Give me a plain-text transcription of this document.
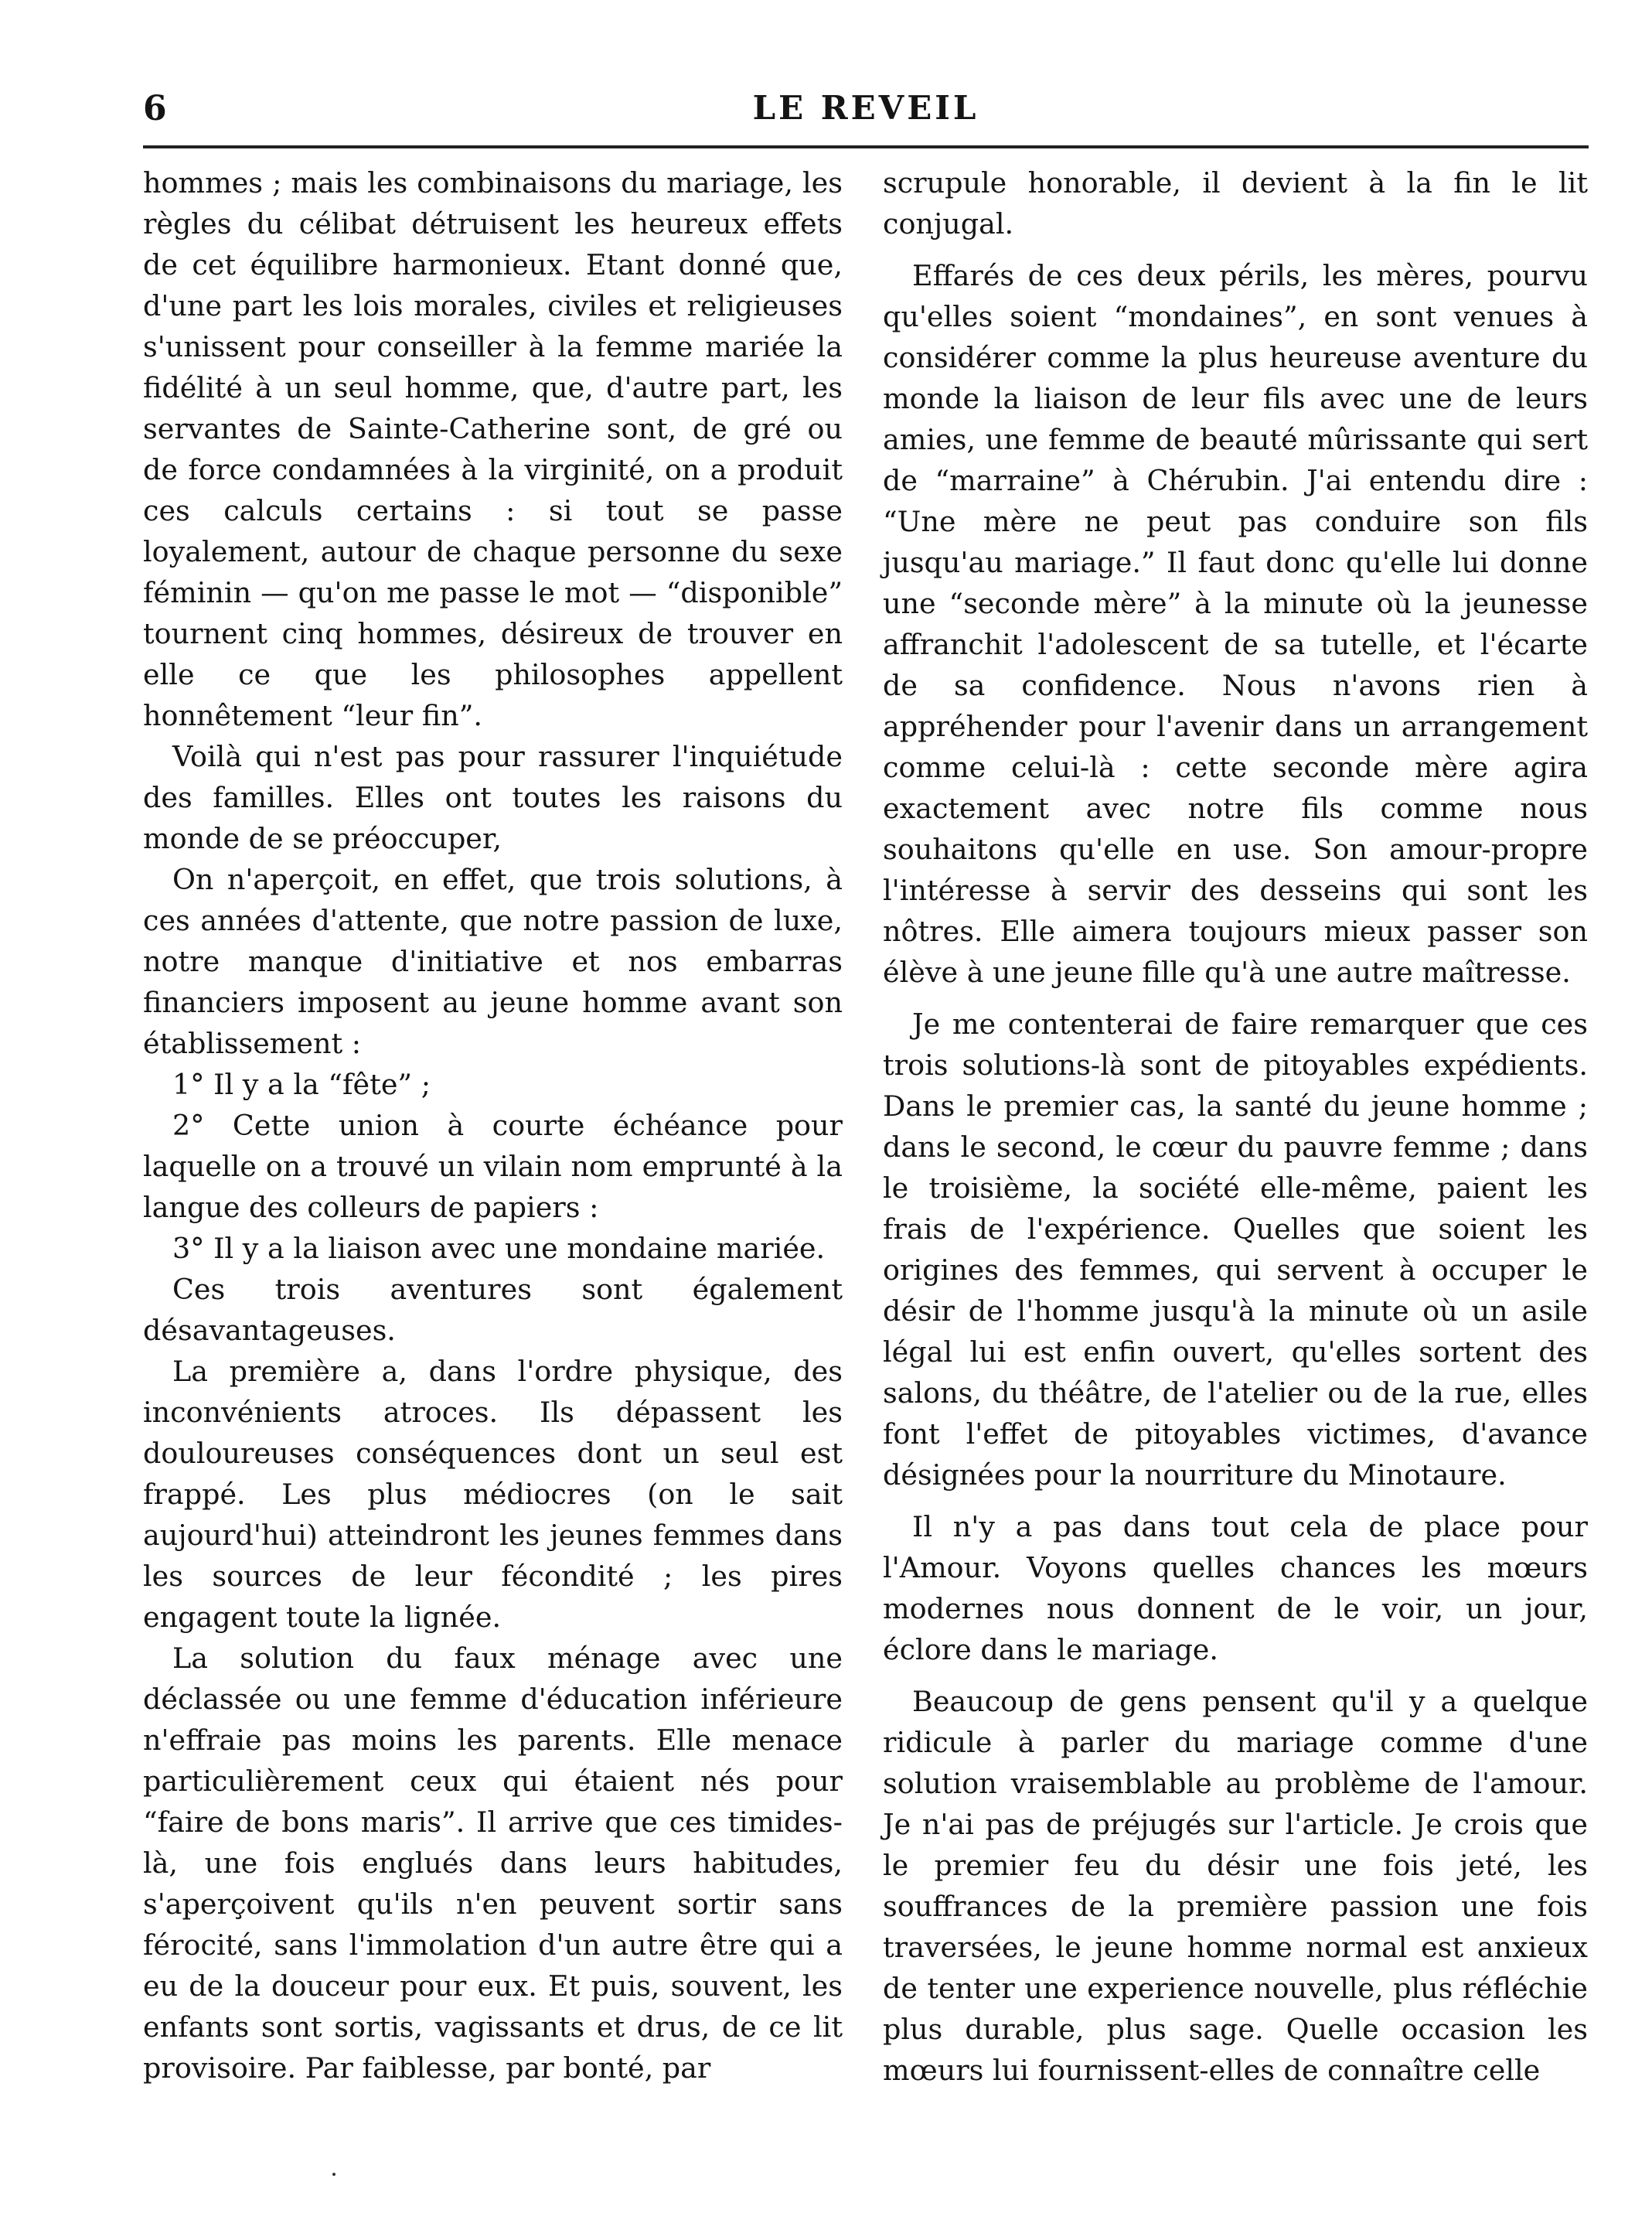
6	LE REVEIL

hommes ; mais les combinaisons du mariage, les règles du célibat détruisent les heureux effets de cet équilibre harmonieux. Etant donné que, d'une part les lois morales, civiles et religieuses s'unissent pour conseiller à la femme mariée la fidélité à un seul homme, que, d'autre part, les servantes de Sainte-Catherine sont, de gré ou de force condamnées à la virginité, on a produit ces calculs certains : si tout se passe loyalement, autour de chaque personne du sexe féminin — qu'on me passe le mot — “disponible” tournent cinq hommes, désireux de trouver en elle ce que les philosophes appellent honnêtement “leur fin”.

Voilà qui n'est pas pour rassurer l'inquiétude des familles. Elles ont toutes les raisons du monde de se préoccuper,

On n'aperçoit, en effet, que trois solutions, à ces années d'attente, que notre passion de luxe, notre manque d'initiative et nos embarras financiers imposent au jeune homme avant son établissement :

1° Il y a la “fête” ;

2° Cette union à courte échéance pour laquelle on a trouvé un vilain nom emprunté à la langue des colleurs de papiers :

3° Il y a la liaison avec une mondaine mariée.

Ces trois aventures sont également désavantageuses.

La première a, dans l'ordre physique, des inconvénients atroces. Ils dépassent les douloureuses conséquences dont un seul est frappé. Les plus médiocres (on le sait aujourd'hui) atteindront les jeunes femmes dans les sources de leur fécondité ; les pires engagent toute la lignée.

La solution du faux ménage avec une déclassée ou une femme d'éducation inférieure n'effraie pas moins les parents. Elle menace particulièrement ceux qui étaient nés pour “faire de bons maris”. Il arrive que ces timides-là, une fois englués dans leurs habitudes, s'aperçoivent qu'ils n'en peuvent sortir sans férocité, sans l'immolation d'un autre être qui a eu de la douceur pour eux. Et puis, souvent, les enfants sont sortis, vagissants et drus, de ce lit provisoire. Par faiblesse, par bonté, par

scrupule honorable, il devient à la fin le lit conjugal.

Effarés de ces deux périls, les mères, pourvu qu'elles soient “mondaines”, en sont venues à considérer comme la plus heureuse aventure du monde la liaison de leur fils avec une de leurs amies, une femme de beauté mûrissante qui sert de “marraine” à Chérubin. J'ai entendu dire : “Une mère ne peut pas conduire son fils jusqu'au mariage.” Il faut donc qu'elle lui donne une “seconde mère” à la minute où la jeunesse affranchit l'adolescent de sa tutelle, et l'écarte de sa confidence. Nous n'avons rien à appréhender pour l'avenir dans un arrangement comme celui-là : cette seconde mère agira exactement avec notre fils comme nous souhaitons qu'elle en use. Son amour-propre l'intéresse à servir des desseins qui sont les nôtres. Elle aimera toujours mieux passer son élève à une jeune fille qu'à une autre maîtresse.

Je me contenterai de faire remarquer que ces trois solutions-là sont de pitoyables expédients. Dans le premier cas, la santé du jeune homme ; dans le second, le cœur du pauvre femme ; dans le troisième, la société elle-même, paient les frais de l'expérience. Quelles que soient les origines des femmes, qui servent à occuper le désir de l'homme jusqu'à la minute où un asile légal lui est enfin ouvert, qu'elles sortent des salons, du théâtre, de l'atelier ou de la rue, elles font l'effet de pitoyables victimes, d'avance désignées pour la nourriture du Minotaure.

Il n'y a pas dans tout cela de place pour l'Amour. Voyons quelles chances les mœurs modernes nous donnent de le voir, un jour, éclore dans le mariage.

Beaucoup de gens pensent qu'il y a quelque ridicule à parler du mariage comme d'une solution vraisemblable au problème de l'amour. Je n'ai pas de préjugés sur l'article. Je crois que le premier feu du désir une fois jeté, les souffrances de la première passion une fois traversées, le jeune homme normal est anxieux de tenter une experience nouvelle, plus réfléchie plus durable, plus sage. Quelle occasion les mœurs lui fournissent-elles de connaître celle
